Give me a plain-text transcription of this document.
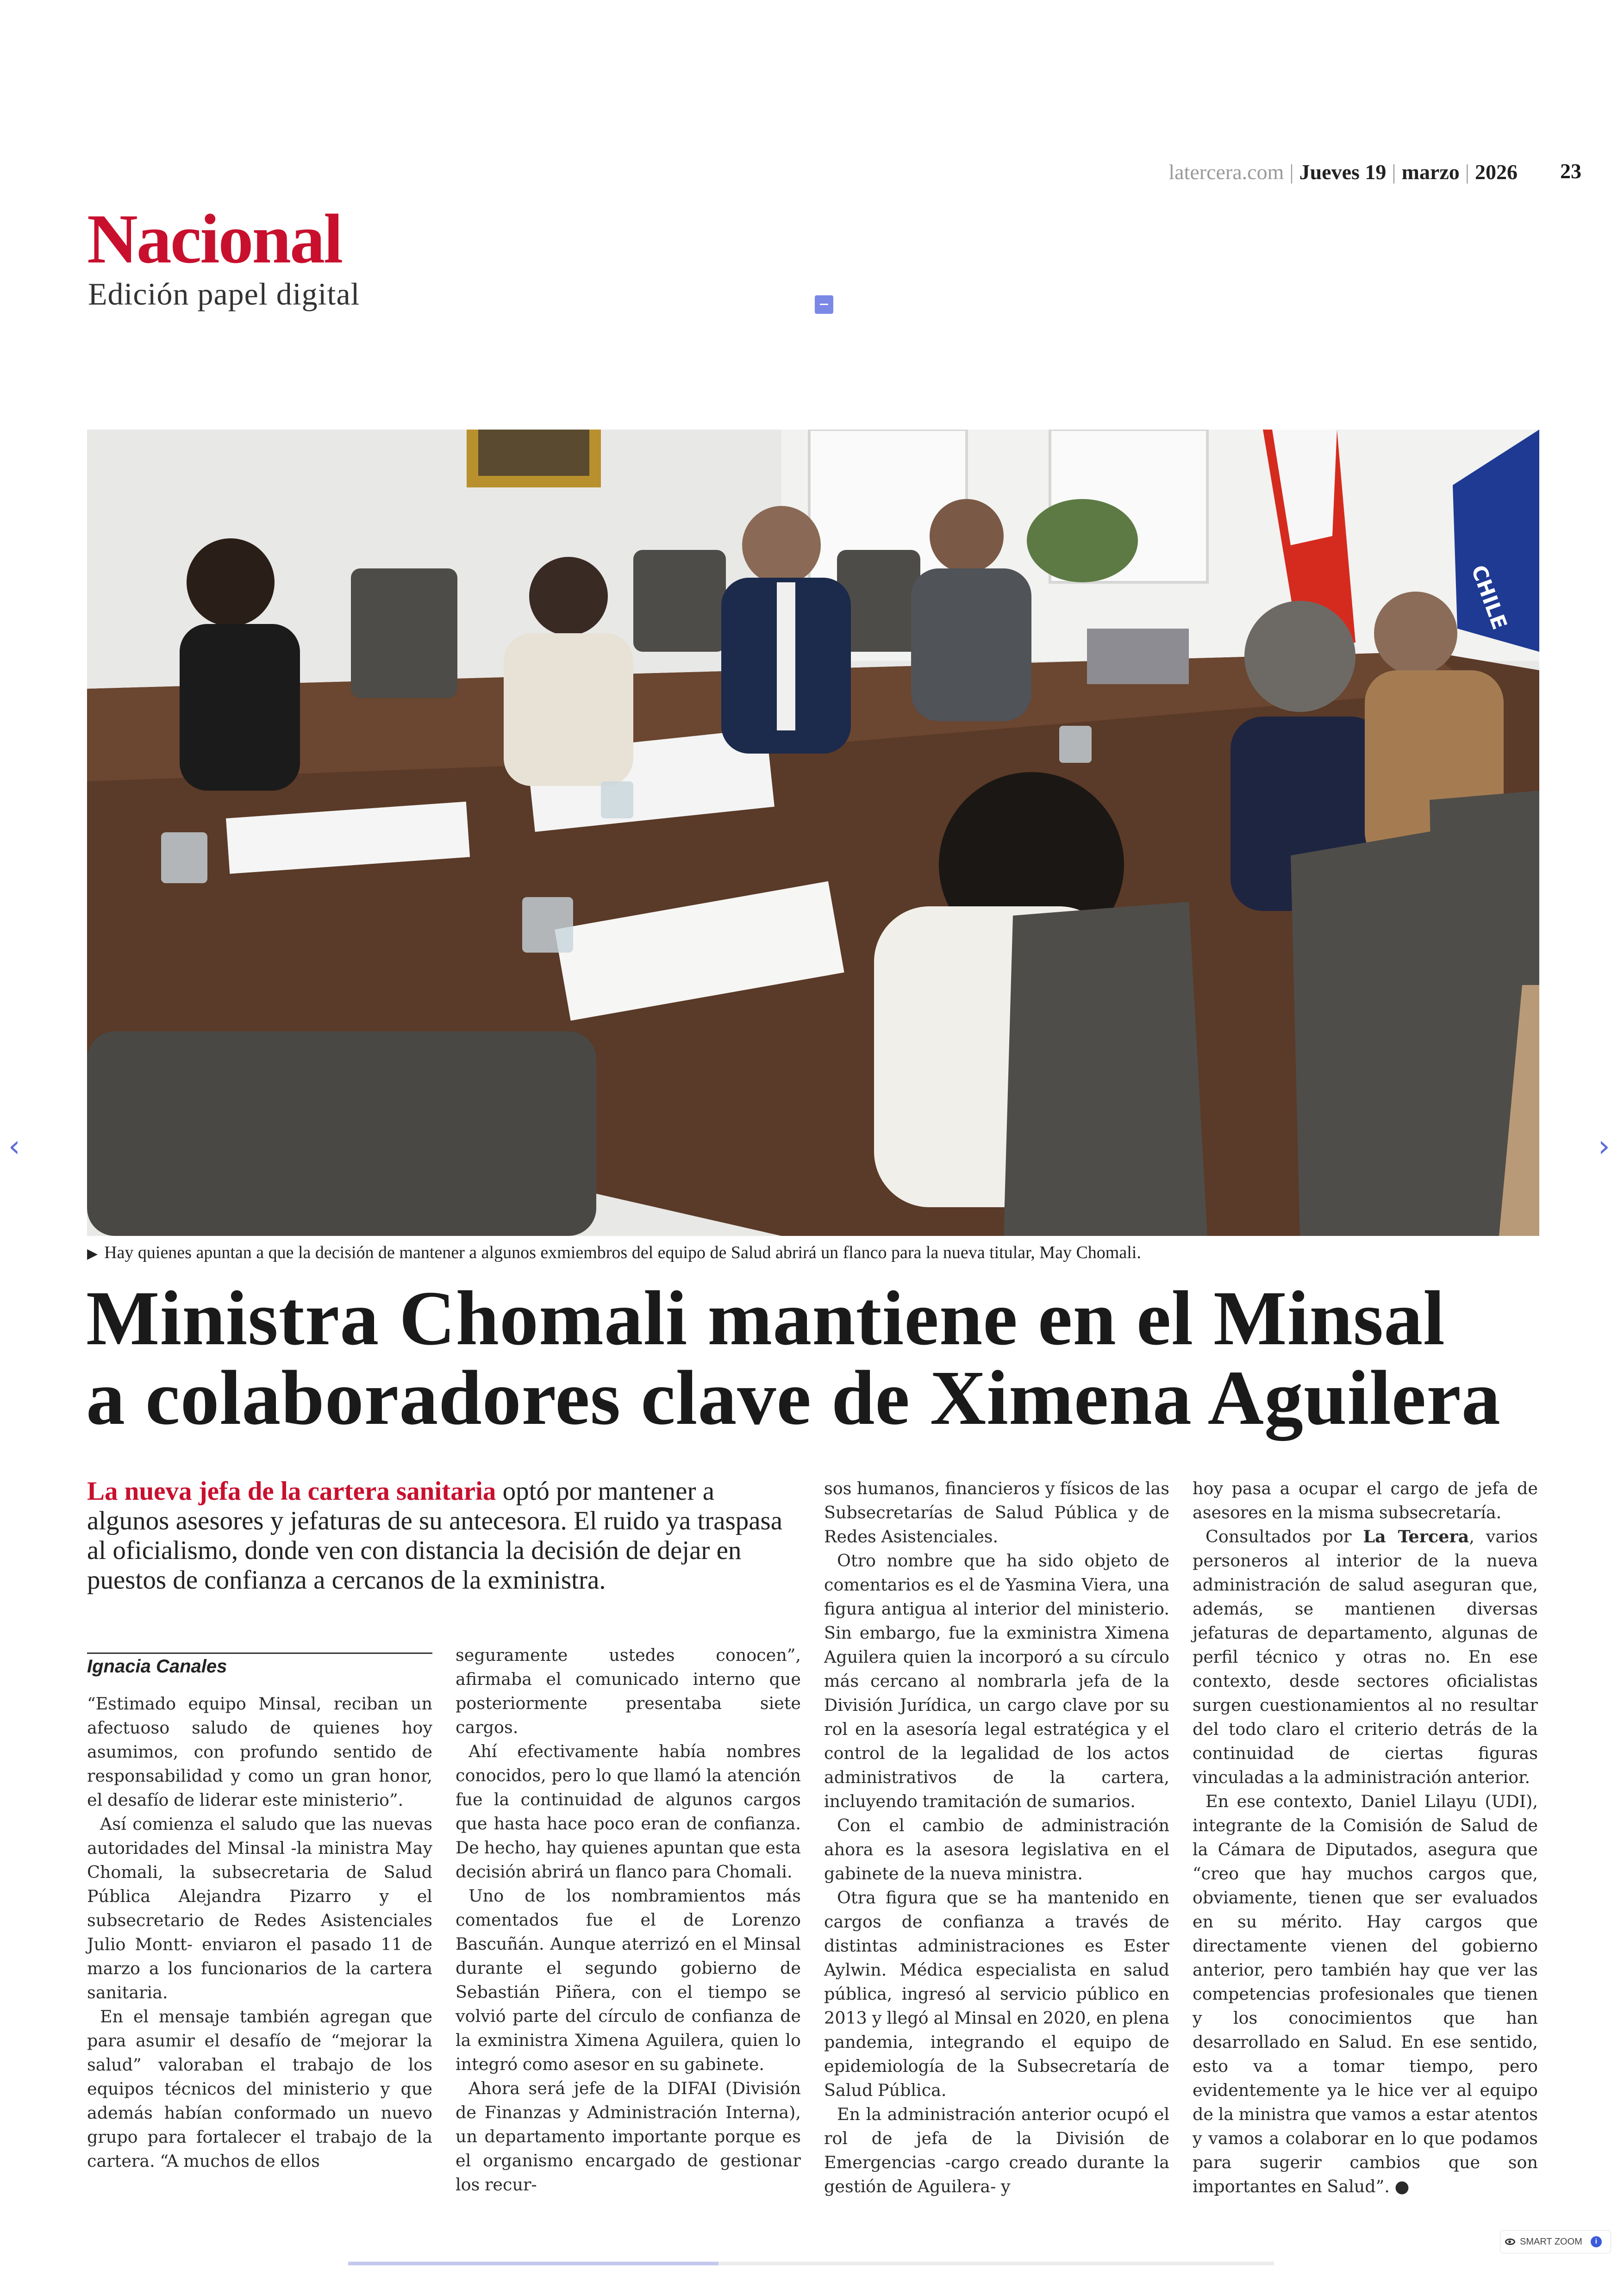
latercera.com | Jueves 19 | marzo | 2026 23
Nacional
Edición papel digital
CHILE
▶ Hay quienes apuntan a que la decisión de mantener a algunos exmiembros del equipo de Salud abrirá un flanco para la nueva titular, May Chomali.
Ministra Chomali mantiene en el Minsal
a colaboradores clave de Ximena Aguilera
La nueva jefa de la cartera sanitaria optó por mantener a algunos asesores y jefaturas de su antecesora. El ruido ya traspasa al oficialismo, donde ven con distancia la decisión de dejar en puestos de confianza a cercanos de la exministra.
Ignacia Canales

“Estimado equipo Minsal, reciban un afectuoso saludo de quienes hoy asumimos, con profundo sentido de responsabilidad y como un gran honor, el desafío de liderar este ministerio”.

Así comienza el saludo que las nuevas autoridades del Minsal -la ministra May Chomali, la subsecretaria de Salud Pública Alejandra Pizarro y el subsecretario de Redes Asistenciales Julio Montt- enviaron el pasado 11 de marzo a los funcionarios de la cartera sanitaria.

En el mensaje también agregan que para asumir el desafío de “mejorar la salud” valoraban el trabajo de los equipos técnicos del ministerio y que además habían conformado un nuevo grupo para fortalecer el trabajo de la cartera. “A muchos de ellos

seguramente ustedes conocen”, afirmaba el comunicado interno que posteriormente presentaba siete cargos.

Ahí efectivamente había nombres conocidos, pero lo que llamó la atención fue la continuidad de algunos cargos que hasta hace poco eran de confianza. De hecho, hay quienes apuntan que esta decisión abrirá un flanco para Chomali.

Uno de los nombramientos más comentados fue el de Lorenzo Bascuñán. Aunque aterrizó en el Minsal durante el segundo gobierno de Sebastián Piñera, con el tiempo se volvió parte del círculo de confianza de la exministra Ximena Aguilera, quien lo integró como asesor en su gabinete.

Ahora será jefe de la DIFAI (División de Finanzas y Administración Interna), un departamento importante porque es el organismo encargado de gestionar los recur-

sos humanos, financieros y físicos de las Subsecretarías de Salud Pública y de Redes Asistenciales.

Otro nombre que ha sido objeto de comentarios es el de Yasmina Viera, una figura antigua al interior del ministerio. Sin embargo, fue la exministra Ximena Aguilera quien la incorporó a su círculo más cercano al nombrarla jefa de la División Jurídica, un cargo clave por su rol en la asesoría legal estratégica y el control de la legalidad de los actos administrativos de la cartera, incluyendo tramitación de sumarios.

Con el cambio de administración ahora es la asesora legislativa en el gabinete de la nueva ministra.

Otra figura que se ha mantenido en cargos de confianza a través de distintas administraciones es Ester Aylwin. Médica especialista en salud pública, ingresó al servicio público en 2013 y llegó al Minsal en 2020, en plena pandemia, integrando el equipo de epidemiología de la Subsecretaría de Salud Pública.

En la administración anterior ocupó el rol de jefa de la División de Emergencias -cargo creado durante la gestión de Aguilera- y

hoy pasa a ocupar el cargo de jefa de asesores en la misma subsecretaría.

Consultados por La Tercera, varios personeros al interior de la nueva administración de salud aseguran que, además, se mantienen diversas jefaturas de departamento, algunas de perfil técnico y otras no. En ese contexto, desde sectores oficialistas surgen cuestionamientos al no resultar del todo claro el criterio detrás de la continuidad de ciertas figuras vinculadas a la administración anterior.

En ese contexto, Daniel Lilayu (UDI), integrante de la Comisión de Salud de la Cámara de Diputados, asegura que “creo que hay muchos cargos que, obviamente, tienen que ser evaluados en su mérito. Hay cargos que directamente vienen del gobierno anterior, pero también hay que ver las competencias profesionales que tienen y los conocimientos que han desarrollado en Salud. En ese sentido, esto va a tomar tiempo, pero evidentemente ya le hice ver al equipo de la ministra que vamos a estar atentos y vamos a colaborar en lo que podamos para sugerir cambios que son importantes en Salud”. ●

‹	›
SMART ZOOM	i
